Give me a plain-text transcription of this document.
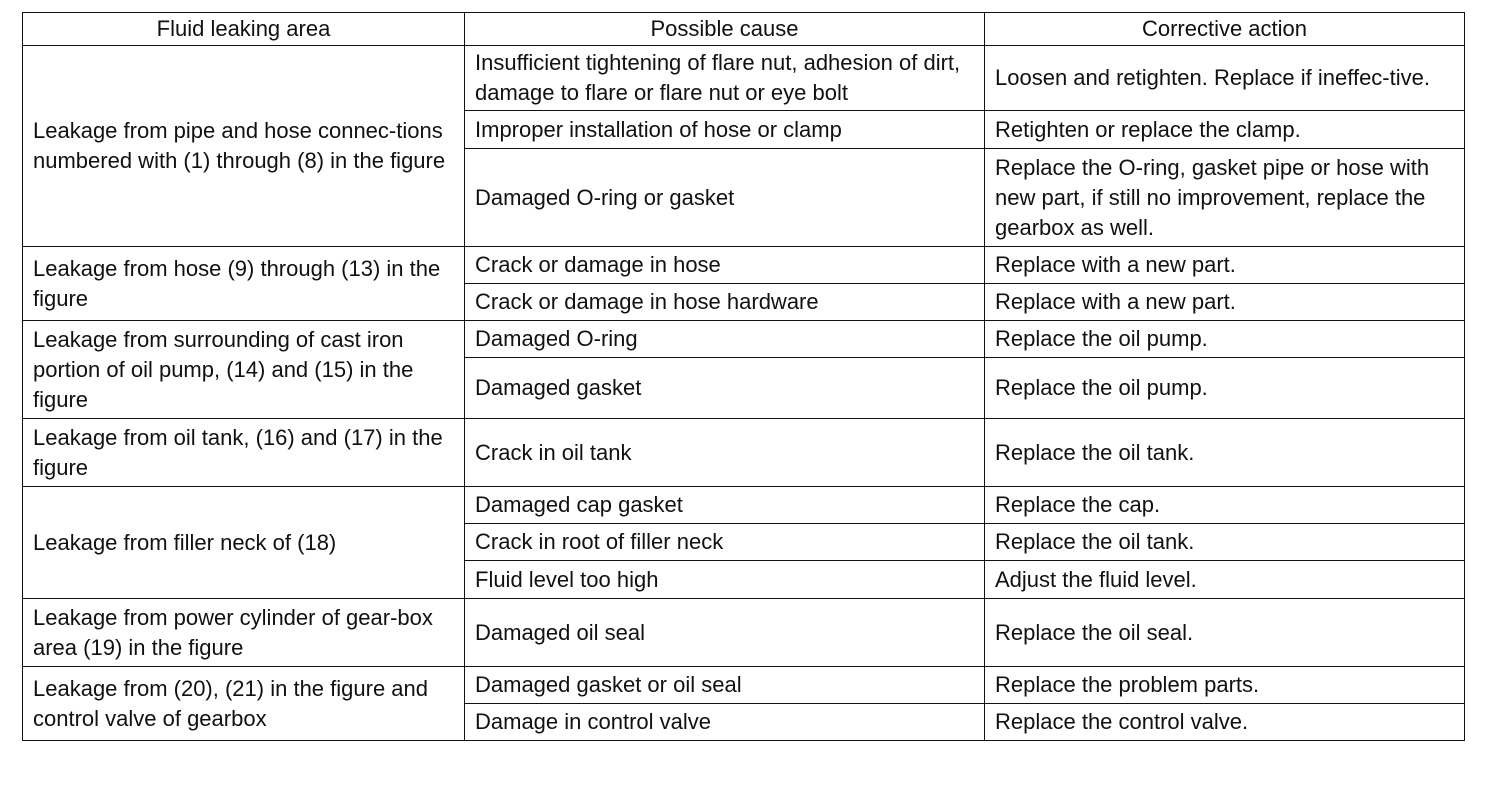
Fluid leaking area	Possible cause	Corrective action
Leakage from pipe and hose connec-tions numbered with (1) through (8) in the figure	Insufficient tightening of flare nut, adhesion of dirt, damage to flare or flare nut or eye bolt	Loosen and retighten. Replace if ineffec-tive.
	Improper installation of hose or clamp	Retighten or replace the clamp.
	Damaged O-ring or gasket	Replace the O-ring, gasket pipe or hose with new part, if still no improvement, replace the gearbox as well.
Leakage from hose (9) through (13) in the figure	Crack or damage in hose	Replace with a new part.
	Crack or damage in hose hardware	Replace with a new part.
Leakage from surrounding of cast iron portion of oil pump, (14) and (15) in the figure	Damaged O-ring	Replace the oil pump.
	Damaged gasket	Replace the oil pump.
Leakage from oil tank, (16) and (17) in the figure	Crack in oil tank	Replace the oil tank.
Leakage from filler neck of (18)	Damaged cap gasket	Replace the cap.
	Crack in root of filler neck	Replace the oil tank.
	Fluid level too high	Adjust the fluid level.
Leakage from power cylinder of gear-box area (19) in the figure	Damaged oil seal	Replace the oil seal.
Leakage from (20), (21) in the figure and control valve of gearbox	Damaged gasket or oil seal	Replace the problem parts.
	Damage in control valve	Replace the control valve.
